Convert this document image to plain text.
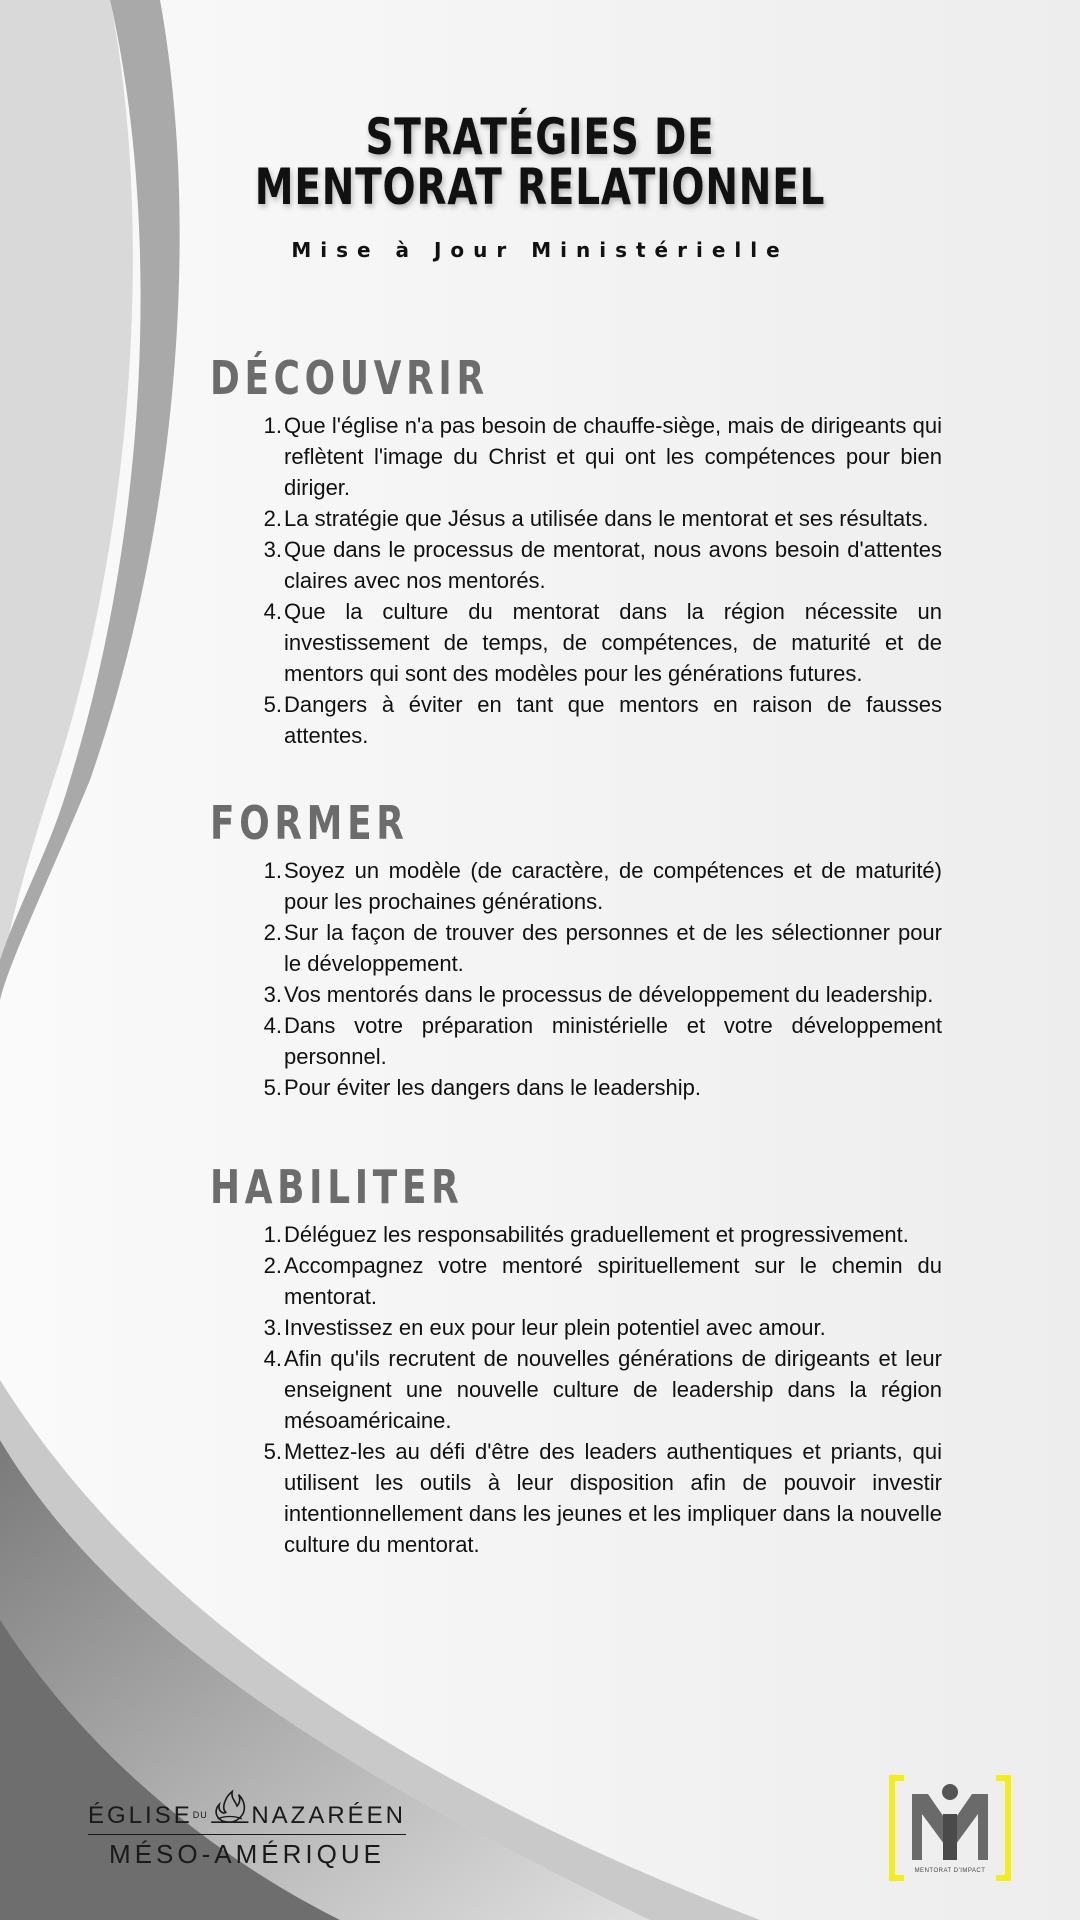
STRATÉGIES DE
MENTORAT RELATIONNEL
Mise à Jour Ministérielle
DÉCOUVRIR
1. Que l'église n'a pas besoin de chauffe-siège, mais de dirigeants qui reflètent l'image du Christ et qui ont les compétences pour bien diriger.
2. La stratégie que Jésus a utilisée dans le mentorat et ses résultats.
3. Que dans le processus de mentorat, nous avons besoin d'attentes claires avec nos mentorés.
4. Que la culture du mentorat dans la région nécessite un investissement de temps, de compétences, de maturité et de mentors qui sont des modèles pour les générations futures.
5. Dangers à éviter en tant que mentors en raison de fausses attentes.
FORMER
1. Soyez un modèle (de caractère, de compétences et de maturité) pour les prochaines générations.
2. Sur la façon de trouver des personnes et de les sélectionner pour le développement.
3. Vos mentorés dans le processus de développement du leadership.
4. Dans votre préparation ministérielle et votre développement personnel.
5. Pour éviter les dangers dans le leadership.
HABILITER
1. Déléguez les responsabilités graduellement et progressivement.
2. Accompagnez votre mentoré spirituellement sur le chemin du mentorat.
3. Investissez en eux pour leur plein potentiel avec amour.
4. Afin qu'ils recrutent de nouvelles générations de dirigeants et leur enseignent une nouvelle culture de leadership dans la région mésoaméricaine.
5. Mettez-les au défi d'être des leaders authentiques et priants, qui utilisent les outils à leur disposition afin de pouvoir investir intentionnellement dans les jeunes et les impliquer dans la nouvelle culture du mentorat.
ÉGLISE DU NAZARÉEN
MÉSO-AMÉRIQUE
MENTORAT D'IMPACT
